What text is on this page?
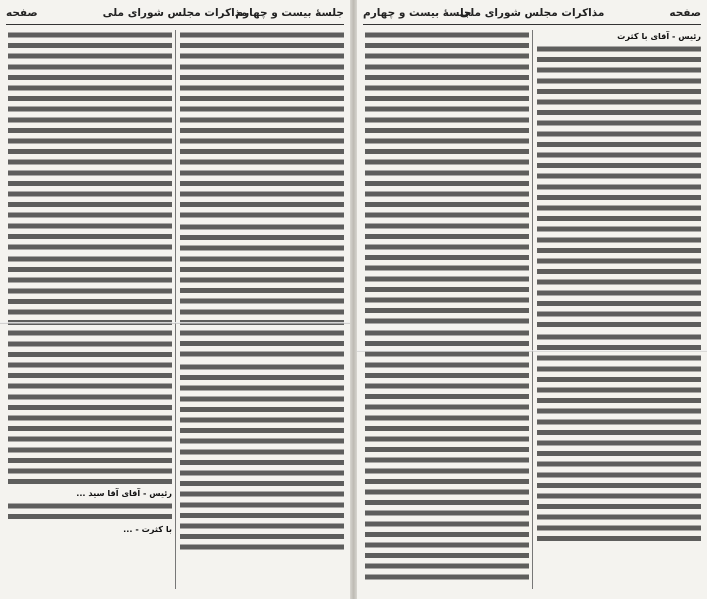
جلسهٔ بیست و چهارم
مذاکرات مجلس شورای ملی
صفحه
رئیس - آقای آقا سید ...
با کثرت - ...
صفحه
مذاکرات مجلس شورای ملی
جلسهٔ بیست و چهارم
رئیس - آقای با کثرت
